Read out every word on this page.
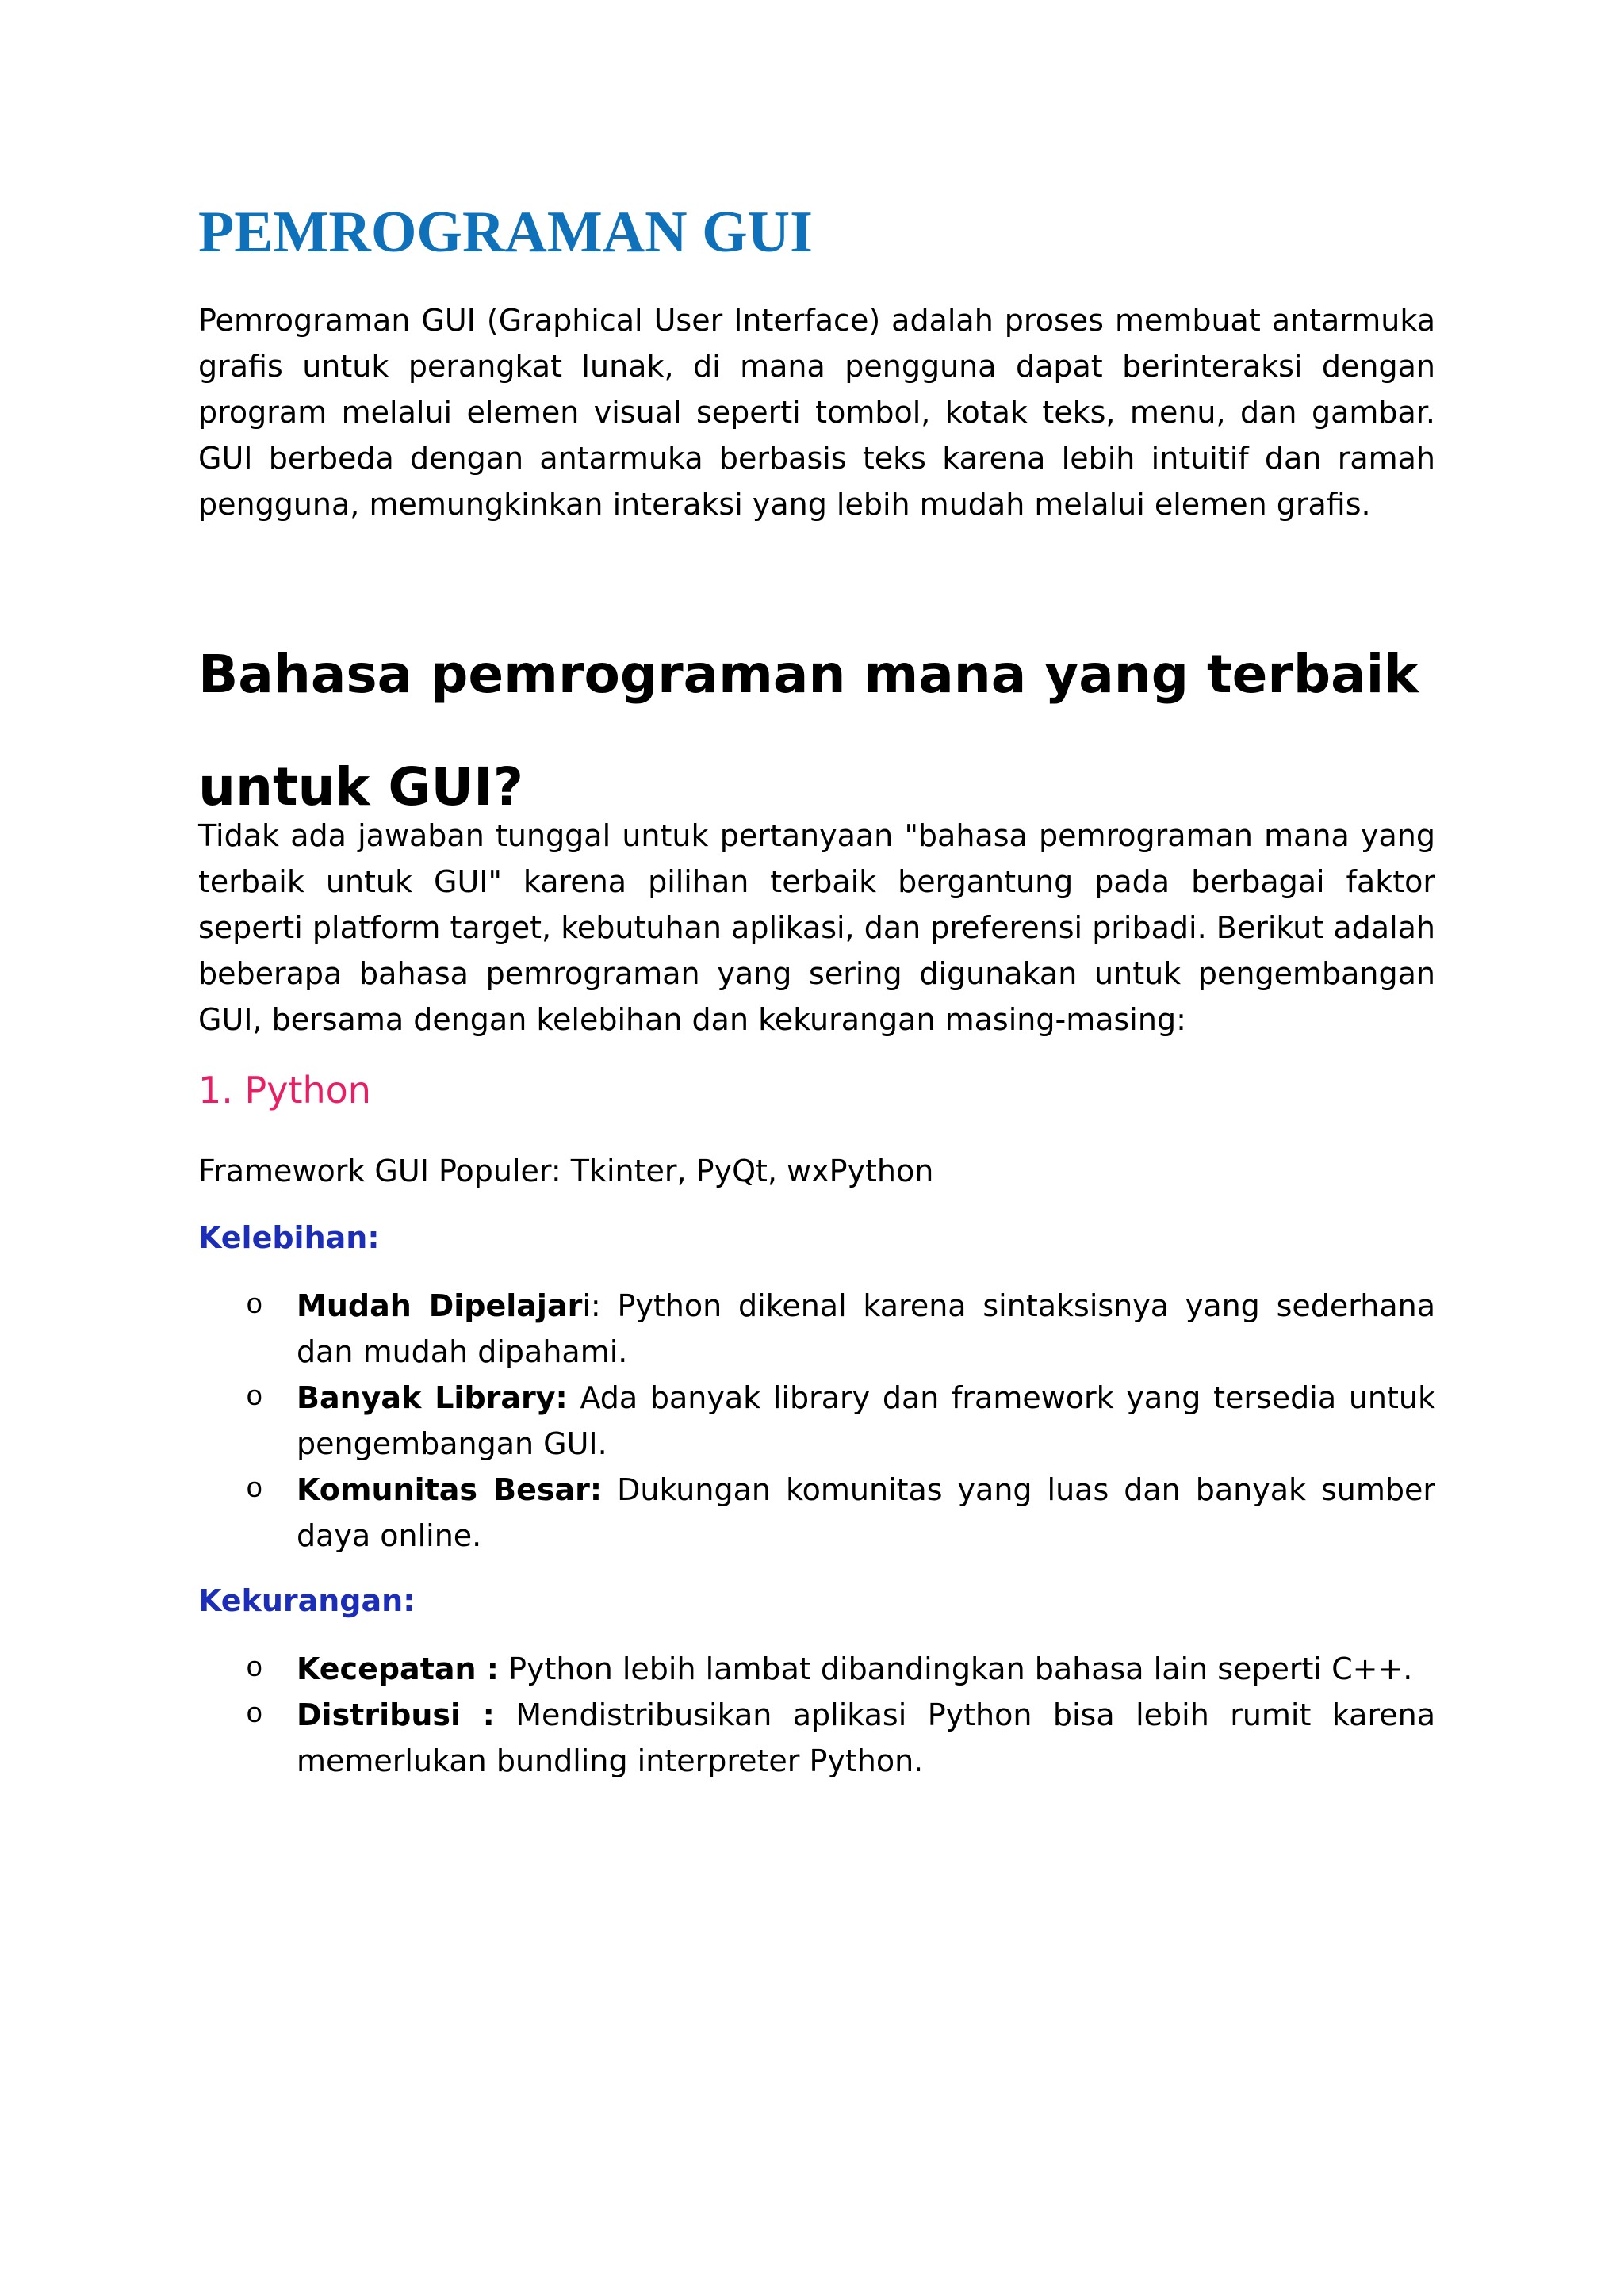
PEMROGRAMAN GUI

Pemrograman GUI (Graphical User Interface) adalah proses membuat antarmuka grafis untuk perangkat lunak, di mana pengguna dapat berinteraksi dengan program melalui elemen visual seperti tombol, kotak teks, menu, dan gambar. GUI berbeda dengan antarmuka berbasis teks karena lebih intuitif dan ramah pengguna, memungkinkan interaksi yang lebih mudah melalui elemen grafis.

Bahasa pemrograman mana yang terbaik untuk GUI?

Tidak ada jawaban tunggal untuk pertanyaan "bahasa pemrograman mana yang terbaik untuk GUI" karena pilihan terbaik bergantung pada berbagai faktor seperti platform target, kebutuhan aplikasi, dan preferensi pribadi. Berikut adalah beberapa bahasa pemrograman yang sering digunakan untuk pengembangan GUI, bersama dengan kelebihan dan kekurangan masing-masing:

1. Python

Framework GUI Populer: Tkinter, PyQt, wxPython

Kelebihan:

o Mudah Dipelajari: Python dikenal karena sintaksisnya yang sederhana dan mudah dipahami.
o Banyak Library: Ada banyak library dan framework yang tersedia untuk pengembangan GUI.
o Komunitas Besar: Dukungan komunitas yang luas dan banyak sumber daya online.

Kekurangan:

o Kecepatan : Python lebih lambat dibandingkan bahasa lain seperti C++.
o Distribusi : Mendistribusikan aplikasi Python bisa lebih rumit karena memerlukan bundling interpreter Python.
